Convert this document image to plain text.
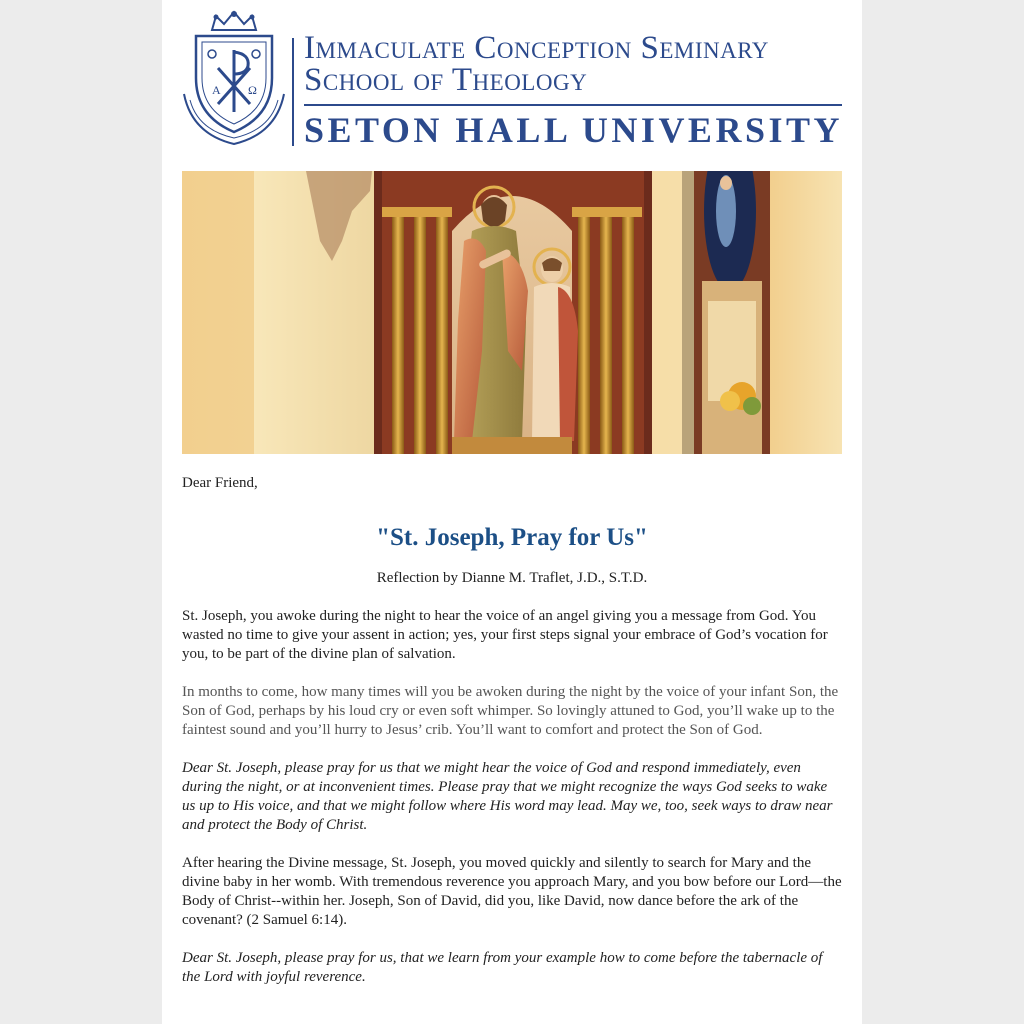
A Ω
Immaculate Conception Seminary
School of Theology
SETON HALL UNIVERSITY

Dear Friend,

"St. Joseph, Pray for Us"

Reflection by Dianne M. Traflet, J.D., S.T.D.

St. Joseph, you awoke during the night to hear the voice of an angel giving you a message from God. You wasted no time to give your assent in action; yes, your first steps signal your embrace of God’s vocation for you, to be part of the divine plan of salvation.

In months to come, how many times will you be awoken during the night by the voice of your infant Son, the Son of God, perhaps by his loud cry or even soft whimper. So lovingly attuned to God, you’ll wake up to the faintest sound and you’ll hurry to Jesus’ crib. You’ll want to comfort and protect the Son of God.

Dear St. Joseph, please pray for us that we might hear the voice of God and respond immediately, even during the night, or at inconvenient times. Please pray that we might recognize the ways God seeks to wake us up to His voice, and that we might follow where His word may lead. May we, too, seek ways to draw near and protect the Body of Christ.

After hearing the Divine message, St. Joseph, you moved quickly and silently to search for Mary and the divine baby in her womb. With tremendous reverence you approach Mary, and you bow before our Lord—the Body of Christ--within her. Joseph, Son of David, did you, like David, now dance before the ark of the covenant? (2 Samuel 6:14).

Dear St. Joseph, please pray for us, that we learn from your example how to come before the tabernacle of the Lord with joyful reverence.
